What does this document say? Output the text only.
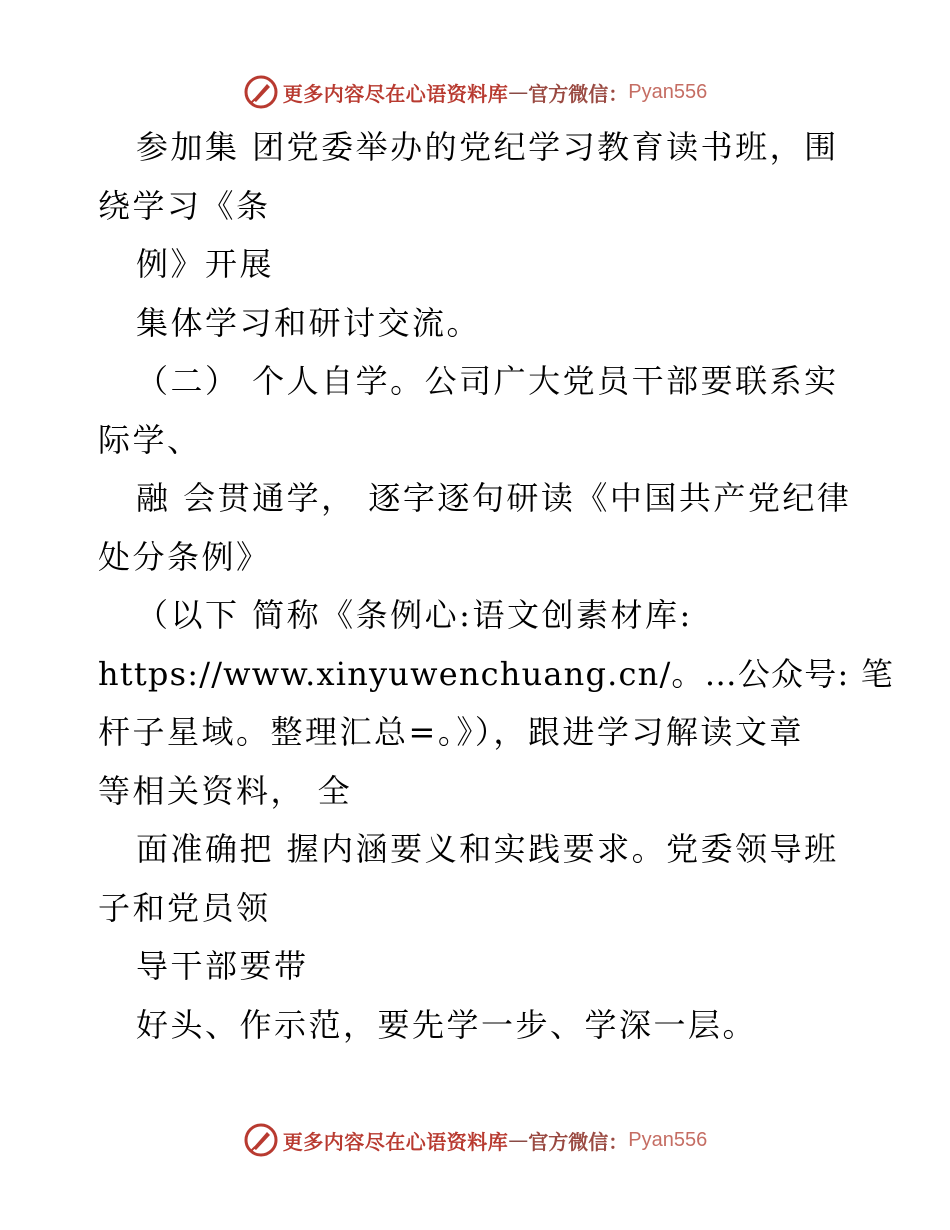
更多内容尽在心语资料库 — 官方微信： Pyan556
参加集 团党委举办的党纪学习教育读书班，围
绕学习《条
例》开展
集体学习和研讨交流。
（二） 个人自学。公司广大党员干部要联系实
际学、
融 会贯通学， 逐字逐句研读《中国共产党纪律
处分条例》
（以下 简称《条例心:语文创素材库:
https://www.xinyuwenchuang.cn/。…公众号: 笔
杆子星域。整理汇总=。》），跟进学习解读文章
等相关资料， 全
面准确把 握内涵要义和实践要求。党委领导班
子和党员领
导干部要带
好头、作示范，要先学一步、学深一层。
更多内容尽在心语资料库 — 官方微信： Pyan556
